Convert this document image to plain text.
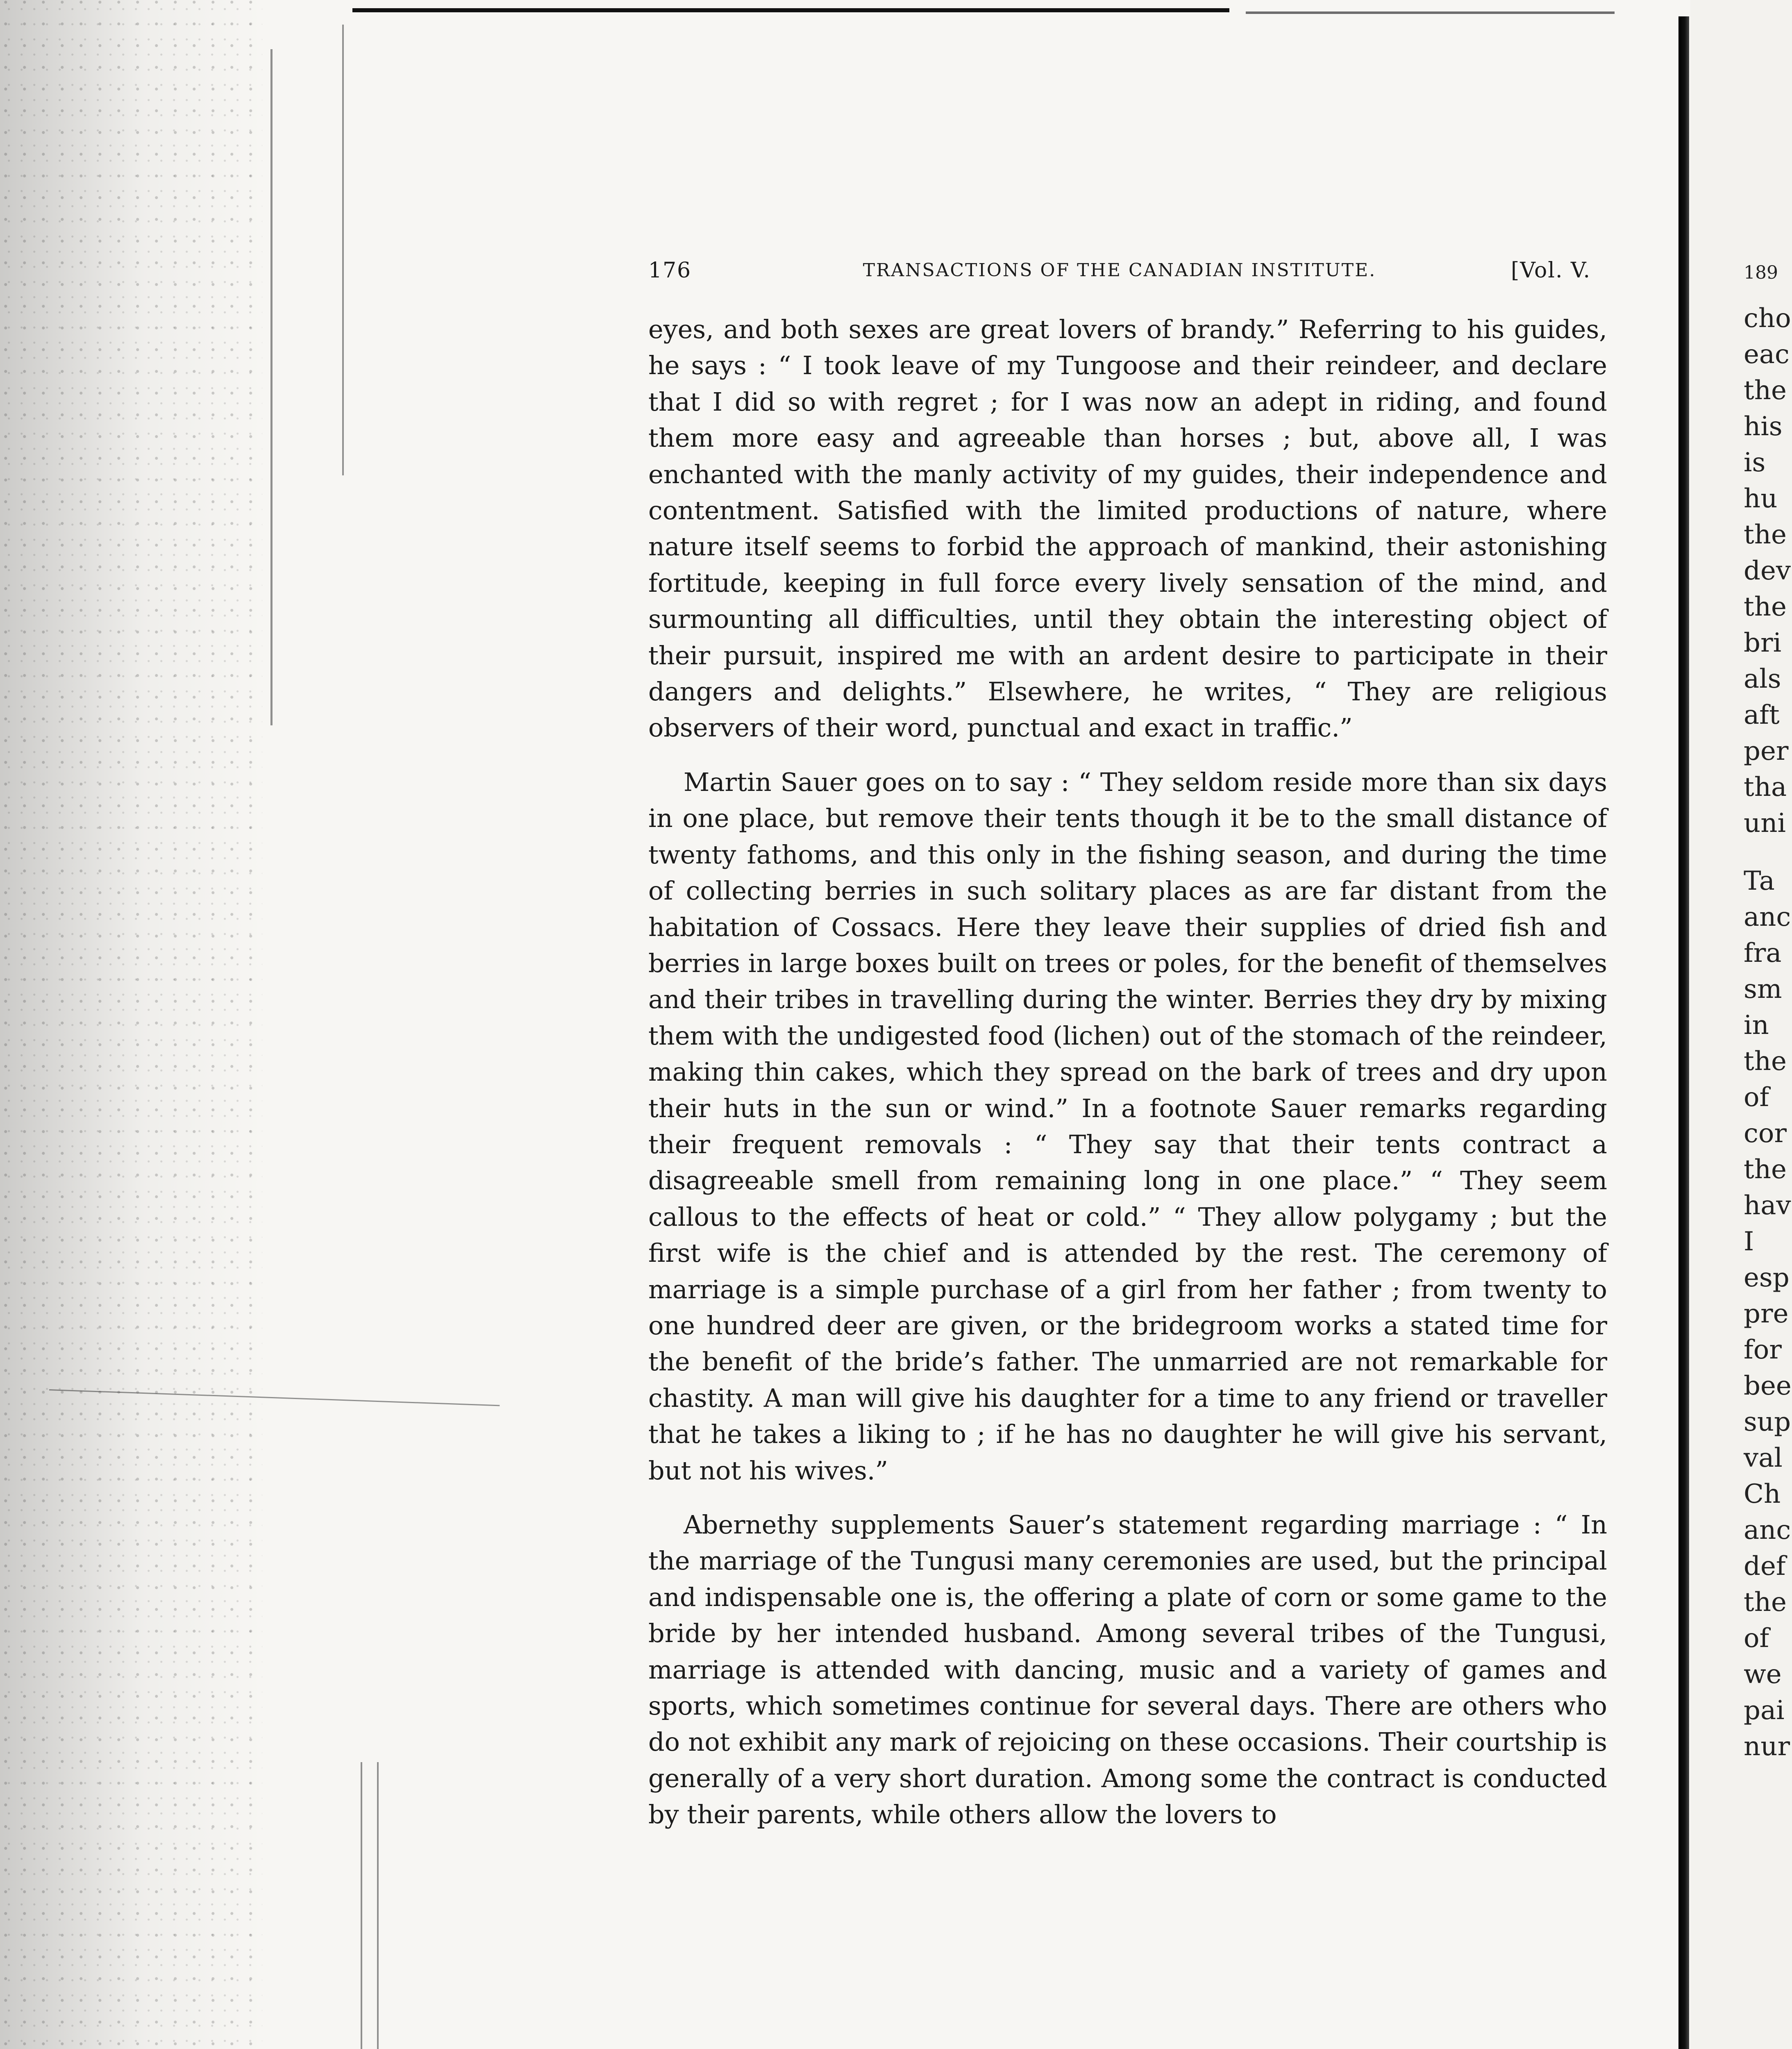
176	TRANSACTIONS OF THE CANADIAN INSTITUTE.	[Vol. V.

eyes, and both sexes are great lovers of brandy.” Referring to his guides, he says : “ I took leave of my Tungoose and their reindeer, and declare that I did so with regret ; for I was now an adept in riding, and found them more easy and agreeable than horses ; but, above all, I was enchanted with the manly activity of my guides, their independence and contentment. Satisfied with the limited productions of nature, where nature itself seems to forbid the approach of mankind, their astonishing fortitude, keeping in full force every lively sensation of the mind, and surmounting all difficulties, until they obtain the interesting object of their pursuit, inspired me with an ardent desire to participate in their dangers and delights.” Elsewhere, he writes, “ They are religious observers of their word, punctual and exact in traffic.”

Martin Sauer goes on to say : “ They seldom reside more than six days in one place, but remove their tents though it be to the small distance of twenty fathoms, and this only in the fishing season, and during the time of collecting berries in such solitary places as are far distant from the habitation of Cossacs. Here they leave their supplies of dried fish and berries in large boxes built on trees or poles, for the benefit of themselves and their tribes in travelling during the winter. Berries they dry by mixing them with the undigested food (lichen) out of the stomach of the reindeer, making thin cakes, which they spread on the bark of trees and dry upon their huts in the sun or wind.” In a footnote Sauer remarks regarding their frequent removals : “ They say that their tents contract a disagreeable smell from remaining long in one place.” “ They seem callous to the effects of heat or cold.” “ They allow polygamy ; but the first wife is the chief and is attended by the rest. The ceremony of marriage is a simple purchase of a girl from her father ; from twenty to one hundred deer are given, or the bridegroom works a stated time for the benefit of the bride’s father. The unmarried are not remarkable for chastity. A man will give his daughter for a time to any friend or traveller that he takes a liking to ; if he has no daughter he will give his servant, but not his wives.”

Abernethy supplements Sauer’s statement regarding marriage : “ In the marriage of the Tungusi many ceremonies are used, but the principal and indispensable one is, the offering a plate of corn or some game to the bride by her intended husband. Among several tribes of the Tungusi, marriage is attended with dancing, music and a variety of games and sports, which sometimes continue for several days. There are others who do not exhibit any mark of rejoicing on these occasions. Their courtship is generally of a very short duration. Among some the contract is conducted by their parents, while others allow the lovers to

189
cho
eac
the
his
is
hu
the
dev
the
bri
als
aft
per
tha
uni
Ta
anc
fra
sm
in
the
of
cor
the
hav
I
esp
pre
for
bee
sup
val
Ch
anc
def
the
of
we
pai
nur
